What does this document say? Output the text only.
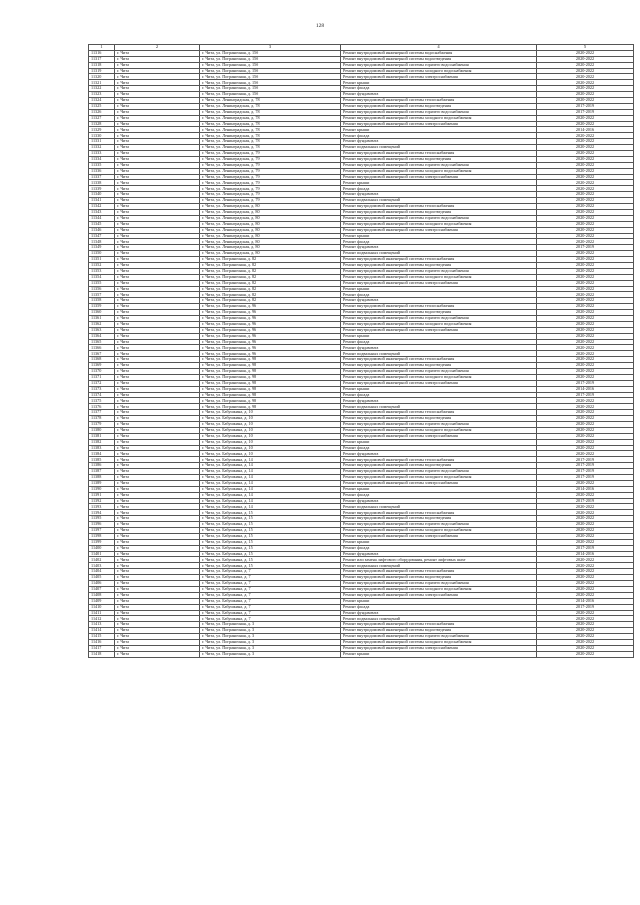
128
1	2	3	4	5
11316	г. Чита	г. Чита, ул. Пограничная, д. 15б	Ремонт внутридомовой инженерной системы водоснабжения	2020-2022
11317	г. Чита	г. Чита, ул. Пограничная, д. 15б	Ремонт внутридомовой инженерной системы водоотведения	2020-2022
11318	г. Чита	г. Чита, ул. Пограничная, д. 15б	Ремонт внутридомовой инженерной системы горячего водоснабжения	2020-2022
11319	г. Чита	г. Чита, ул. Пограничная, д. 15б	Ремонт внутридомовой инженерной системы холодного водоснабжения	2020-2022
11320	г. Чита	г. Чита, ул. Пограничная, д. 15б	Ремонт внутридомовой инженерной системы электроснабжения	2020-2022
11321	г. Чита	г. Чита, ул. Пограничная, д. 15б	Ремонт крыши	2020-2022
11322	г. Чита	г. Чита, ул. Пограничная, д. 15б	Ремонт фасада	2020-2022
11323	г. Чита	г. Чита, ул. Пограничная, д. 15б	Ремонт фундамента	2020-2022
11324	г. Чита	г. Чита, ул. Ленинградская, д. 78	Ремонт внутридомовой инженерной системы теплоснабжения	2020-2022
11325	г. Чита	г. Чита, ул. Ленинградская, д. 78	Ремонт внутридомовой инженерной системы водоотведения	2017-2019
11326	г. Чита	г. Чита, ул. Ленинградская, д. 78	Ремонт внутридомовой инженерной системы горячего водоснабжения	2017-2019
11327	г. Чита	г. Чита, ул. Ленинградская, д. 78	Ремонт внутридомовой инженерной системы холодного водоснабжения	2020-2022
11328	г. Чита	г. Чита, ул. Ленинградская, д. 78	Ремонт внутридомовой инженерной системы электроснабжения	2020-2022
11329	г. Чита	г. Чита, ул. Ленинградская, д. 78	Ремонт крыши	2014-2016
11330	г. Чита	г. Чита, ул. Ленинградская, д. 78	Ремонт фасада	2020-2022
11331	г. Чита	г. Чита, ул. Ленинградская, д. 78	Ремонт фундамента	2020-2022
11332	г. Чита	г. Чита, ул. Ленинградская, д. 78	Ремонт подвальных помещений	2020-2022
11333	г. Чита	г. Чита, ул. Ленинградская, д. 79	Ремонт внутридомовой инженерной системы теплоснабжения	2020-2022
11334	г. Чита	г. Чита, ул. Ленинградская, д. 79	Ремонт внутридомовой инженерной системы водоотведения	2020-2022
11335	г. Чита	г. Чита, ул. Ленинградская, д. 79	Ремонт внутридомовой инженерной системы горячего водоснабжения	2020-2022
11336	г. Чита	г. Чита, ул. Ленинградская, д. 79	Ремонт внутридомовой инженерной системы холодного водоснабжения	2020-2022
11337	г. Чита	г. Чита, ул. Ленинградская, д. 79	Ремонт внутридомовой инженерной системы электроснабжения	2020-2022
11338	г. Чита	г. Чита, ул. Ленинградская, д. 79	Ремонт крыши	2020-2022
11339	г. Чита	г. Чита, ул. Ленинградская, д. 79	Ремонт фасада	2020-2022
11340	г. Чита	г. Чита, ул. Ленинградская, д. 79	Ремонт фундамента	2020-2022
11341	г. Чита	г. Чита, ул. Ленинградская, д. 79	Ремонт подвальных помещений	2020-2022
11342	г. Чита	г. Чита, ул. Ленинградская, д. 80	Ремонт внутридомовой инженерной системы теплоснабжения	2020-2022
11343	г. Чита	г. Чита, ул. Ленинградская, д. 80	Ремонт внутридомовой инженерной системы водоотведения	2020-2022
11344	г. Чита	г. Чита, ул. Ленинградская, д. 80	Ремонт внутридомовой инженерной системы горячего водоснабжения	2020-2022
11345	г. Чита	г. Чита, ул. Ленинградская, д. 80	Ремонт внутридомовой инженерной системы холодного водоснабжения	2020-2022
11346	г. Чита	г. Чита, ул. Ленинградская, д. 80	Ремонт внутридомовой инженерной системы электроснабжения	2020-2022
11347	г. Чита	г. Чита, ул. Ленинградская, д. 80	Ремонт крыши	2020-2022
11348	г. Чита	г. Чита, ул. Ленинградская, д. 80	Ремонт фасада	2020-2022
11349	г. Чита	г. Чита, ул. Ленинградская, д. 80	Ремонт фундамента	2017-2019
11350	г. Чита	г. Чита, ул. Ленинградская, д. 80	Ремонт подвальных помещений	2020-2022
11351	г. Чита	г. Чита, ул. Пограничная, д. 82	Ремонт внутридомовой инженерной системы теплоснабжения	2020-2022
11352	г. Чита	г. Чита, ул. Пограничная, д. 82	Ремонт внутридомовой инженерной системы водоотведения	2020-2022
11353	г. Чита	г. Чита, ул. Пограничная, д. 82	Ремонт внутридомовой инженерной системы горячего водоснабжения	2020-2022
11354	г. Чита	г. Чита, ул. Пограничная, д. 82	Ремонт внутридомовой инженерной системы холодного водоснабжения	2020-2022
11355	г. Чита	г. Чита, ул. Пограничная, д. 82	Ремонт внутридомовой инженерной системы электроснабжения	2020-2022
11356	г. Чита	г. Чита, ул. Пограничная, д. 82	Ремонт крыши	2020-2022
11357	г. Чита	г. Чита, ул. Пограничная, д. 82	Ремонт фасада	2020-2022
11358	г. Чита	г. Чита, ул. Пограничная, д. 82	Ремонт фундамента	2020-2022
11359	г. Чита	г. Чита, ул. Пограничная, д. 96	Ремонт внутридомовой инженерной системы теплоснабжения	2020-2022
11360	г. Чита	г. Чита, ул. Пограничная, д. 96	Ремонт внутридомовой инженерной системы водоотведения	2020-2022
11361	г. Чита	г. Чита, ул. Пограничная, д. 96	Ремонт внутридомовой инженерной системы горячего водоснабжения	2020-2022
11362	г. Чита	г. Чита, ул. Пограничная, д. 96	Ремонт внутридомовой инженерной системы холодного водоснабжения	2020-2022
11363	г. Чита	г. Чита, ул. Пограничная, д. 96	Ремонт внутридомовой инженерной системы электроснабжения	2020-2022
11364	г. Чита	г. Чита, ул. Пограничная, д. 96	Ремонт крыши	2020-2022
11365	г. Чита	г. Чита, ул. Пограничная, д. 96	Ремонт фасада	2020-2022
11366	г. Чита	г. Чита, ул. Пограничная, д. 96	Ремонт фундамента	2020-2022
11367	г. Чита	г. Чита, ул. Пограничная, д. 96	Ремонт подвальных помещений	2020-2022
11368	г. Чита	г. Чита, ул. Пограничная, д. 98	Ремонт внутридомовой инженерной системы теплоснабжения	2020-2022
11369	г. Чита	г. Чита, ул. Пограничная, д. 98	Ремонт внутридомовой инженерной системы водоотведения	2020-2022
11370	г. Чита	г. Чита, ул. Пограничная, д. 98	Ремонт внутридомовой инженерной системы горячего водоснабжения	2020-2022
11371	г. Чита	г. Чита, ул. Пограничная, д. 98	Ремонт внутридомовой инженерной системы холодного водоснабжения	2020-2022
11372	г. Чита	г. Чита, ул. Пограничная, д. 98	Ремонт внутридомовой инженерной системы электроснабжения	2017-2019
11373	г. Чита	г. Чита, ул. Пограничная, д. 98	Ремонт крыши	2014-2016
11374	г. Чита	г. Чита, ул. Пограничная, д. 98	Ремонт фасада	2017-2019
11375	г. Чита	г. Чита, ул. Пограничная, д. 98	Ремонт фундамента	2020-2022
11376	г. Чита	г. Чита, ул. Пограничная, д. 98	Ремонт подвальных помещений	2020-2022
11377	г. Чита	г. Чита, ул. Бабушкина, д. 10	Ремонт внутридомовой инженерной системы теплоснабжения	2020-2022
11378	г. Чита	г. Чита, ул. Бабушкина, д. 10	Ремонт внутридомовой инженерной системы водоотведения	2020-2022
11379	г. Чита	г. Чита, ул. Бабушкина, д. 10	Ремонт внутридомовой инженерной системы горячего водоснабжения	2020-2022
11380	г. Чита	г. Чита, ул. Бабушкина, д. 10	Ремонт внутридомовой инженерной системы холодного водоснабжения	2020-2022
11381	г. Чита	г. Чита, ул. Бабушкина, д. 10	Ремонт внутридомовой инженерной системы электроснабжения	2020-2022
11382	г. Чита	г. Чита, ул. Бабушкина, д. 10	Ремонт крыши	2020-2022
11383	г. Чита	г. Чита, ул. Бабушкина, д. 10	Ремонт фасада	2020-2022
11384	г. Чита	г. Чита, ул. Бабушкина, д. 10	Ремонт фундамента	2020-2022
11385	г. Чита	г. Чита, ул. Бабушкина, д. 14	Ремонт внутридомовой инженерной системы теплоснабжения	2017-2019
11386	г. Чита	г. Чита, ул. Бабушкина, д. 14	Ремонт внутридомовой инженерной системы водоотведения	2017-2019
11387	г. Чита	г. Чита, ул. Бабушкина, д. 14	Ремонт внутридомовой инженерной системы горячего водоснабжения	2017-2019
11388	г. Чита	г. Чита, ул. Бабушкина, д. 14	Ремонт внутридомовой инженерной системы холодного водоснабжения	2017-2019
11389	г. Чита	г. Чита, ул. Бабушкина, д. 14	Ремонт внутридомовой инженерной системы электроснабжения	2020-2022
11390	г. Чита	г. Чита, ул. Бабушкина, д. 14	Ремонт крыши	2014-2016
11391	г. Чита	г. Чита, ул. Бабушкина, д. 14	Ремонт фасада	2020-2022
11392	г. Чита	г. Чита, ул. Бабушкина, д. 14	Ремонт фундамента	2017-2019
11393	г. Чита	г. Чита, ул. Бабушкина, д. 14	Ремонт подвальных помещений	2020-2022
11394	г. Чита	г. Чита, ул. Бабушкина, д. 15	Ремонт внутридомовой инженерной системы теплоснабжения	2020-2022
11395	г. Чита	г. Чита, ул. Бабушкина, д. 15	Ремонт внутридомовой инженерной системы водоотведения	2020-2022
11396	г. Чита	г. Чита, ул. Бабушкина, д. 15	Ремонт внутридомовой инженерной системы горячего водоснабжения	2020-2022
11397	г. Чита	г. Чита, ул. Бабушкина, д. 15	Ремонт внутридомовой инженерной системы холодного водоснабжения	2020-2022
11398	г. Чита	г. Чита, ул. Бабушкина, д. 15	Ремонт внутридомовой инженерной системы электроснабжения	2020-2022
11399	г. Чита	г. Чита, ул. Бабушкина, д. 15	Ремонт крыши	2020-2022
11400	г. Чита	г. Чита, ул. Бабушкина, д. 15	Ремонт фасада	2017-2019
11401	г. Чита	г. Чита, ул. Бабушкина, д. 15	Ремонт фундамента	2014-2016
11402	г. Чита	г. Чита, ул. Бабушкина, д. 15	Ремонт или замена лифтового оборудования, ремонт лифтовых шахт	2020-2022
11403	г. Чита	г. Чита, ул. Бабушкина, д. 15	Ремонт подвальных помещений	2020-2022
11404	г. Чита	г. Чита, ул. Бабушкина, д. 7	Ремонт внутридомовой инженерной системы теплоснабжения	2020-2022
11405	г. Чита	г. Чита, ул. Бабушкина, д. 7	Ремонт внутридомовой инженерной системы водоотведения	2020-2022
11406	г. Чита	г. Чита, ул. Бабушкина, д. 7	Ремонт внутридомовой инженерной системы горячего водоснабжения	2020-2022
11407	г. Чита	г. Чита, ул. Бабушкина, д. 7	Ремонт внутридомовой инженерной системы холодного водоснабжения	2020-2022
11408	г. Чита	г. Чита, ул. Бабушкина, д. 7	Ремонт внутридомовой инженерной системы электроснабжения	2020-2022
11409	г. Чита	г. Чита, ул. Бабушкина, д. 7	Ремонт крыши	2014-2016
11410	г. Чита	г. Чита, ул. Бабушкина, д. 7	Ремонт фасада	2017-2019
11411	г. Чита	г. Чита, ул. Бабушкина, д. 7	Ремонт фундамента	2020-2022
11412	г. Чита	г. Чита, ул. Бабушкина, д. 7	Ремонт подвальных помещений	2020-2022
11413	г. Чита	г. Чита, ул. Пограничная, д. 3	Ремонт внутридомовой инженерной системы теплоснабжения	2020-2022
11414	г. Чита	г. Чита, ул. Пограничная, д. 3	Ремонт внутридомовой инженерной системы водоотведения	2020-2022
11415	г. Чита	г. Чита, ул. Пограничная, д. 3	Ремонт внутридомовой инженерной системы горячего водоснабжения	2020-2022
11416	г. Чита	г. Чита, ул. Пограничная, д. 3	Ремонт внутридомовой инженерной системы холодного водоснабжения	2020-2022
11417	г. Чита	г. Чита, ул. Пограничная, д. 3	Ремонт внутридомовой инженерной системы электроснабжения	2020-2022
11418	г. Чита	г. Чита, ул. Пограничная, д. 3	Ремонт крыши	2020-2022
